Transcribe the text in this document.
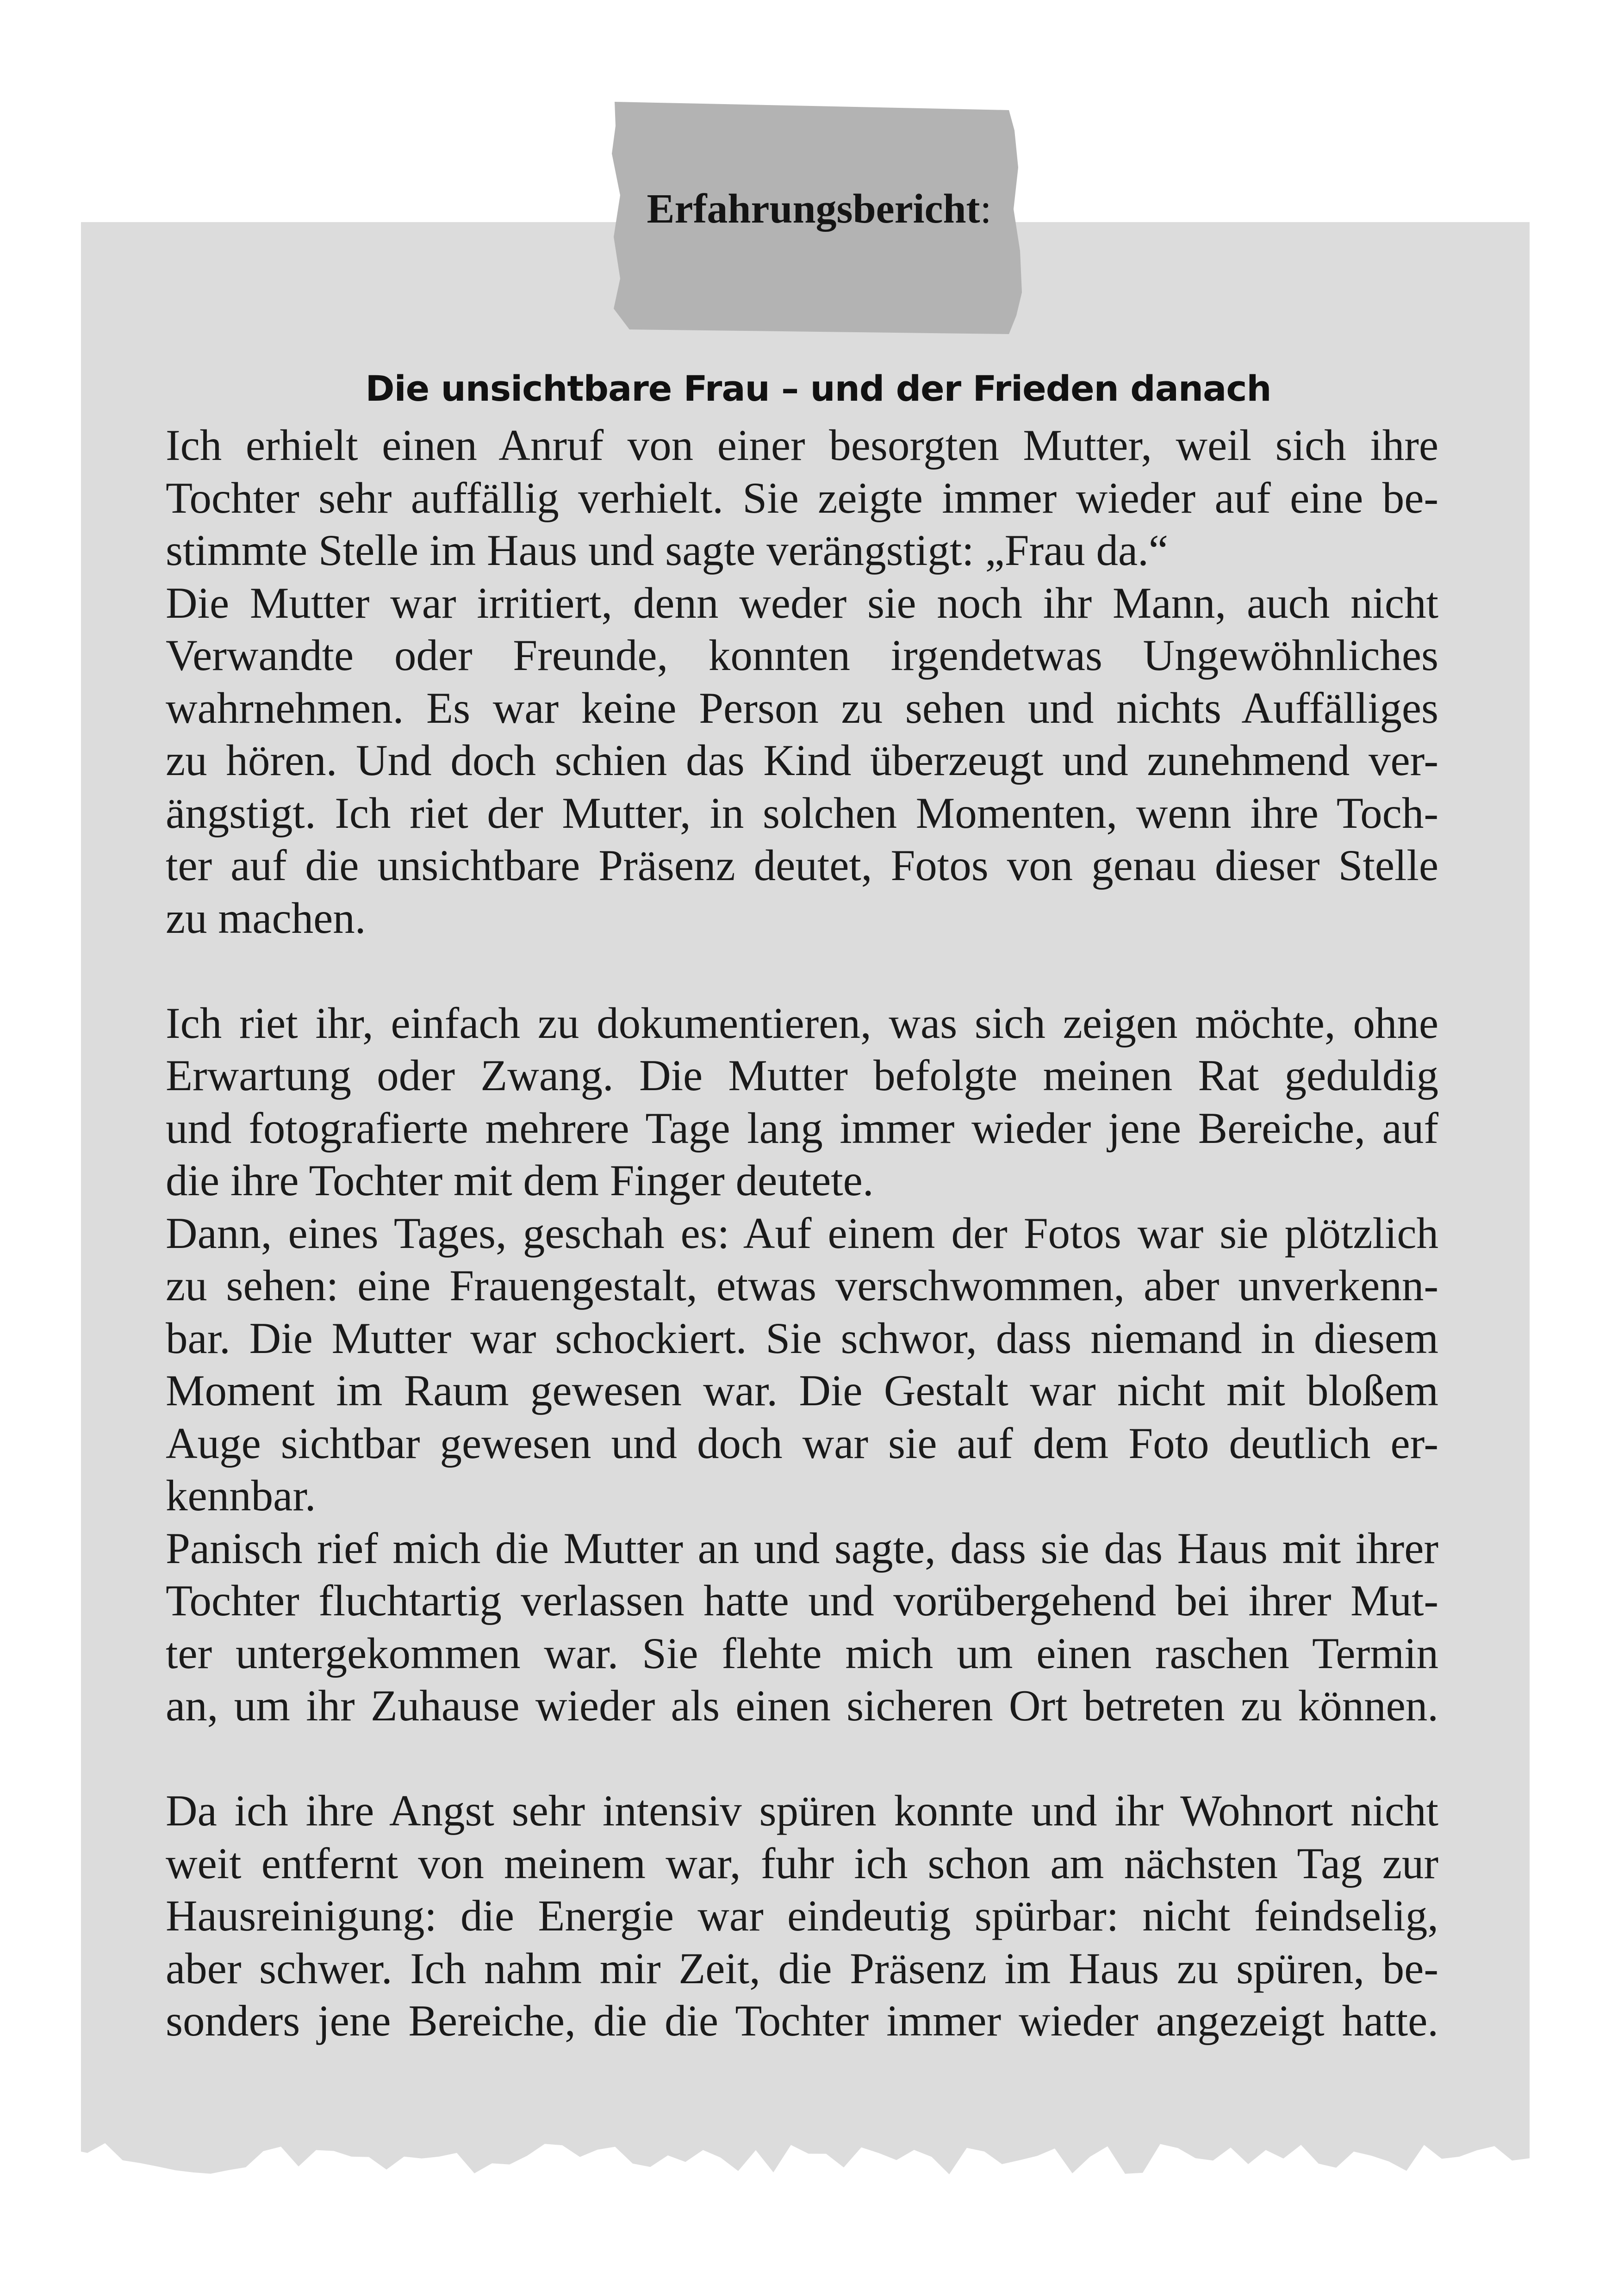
Erfahrungsbericht:
Die unsichtbare Frau – und der Frieden danach
Ich erhielt einen Anruf von einer besorgten Mutter, weil sich ihre
Tochter sehr auffällig verhielt. Sie zeigte immer wieder auf eine be-
stimmte Stelle im Haus und sagte verängstigt: „Frau da.“
Die Mutter war irritiert, denn weder sie noch ihr Mann, auch nicht
Verwandte oder Freunde, konnten irgendetwas Ungewöhnliches
wahrnehmen. Es war keine Person zu sehen und nichts Auffälliges
zu hören. Und doch schien das Kind überzeugt und zunehmend ver-
ängstigt. Ich riet der Mutter, in solchen Momenten, wenn ihre Toch-
ter auf die unsichtbare Präsenz deutet, Fotos von genau dieser Stelle
zu machen.
Ich riet ihr, einfach zu dokumentieren, was sich zeigen möchte, ohne
Erwartung oder Zwang. Die Mutter befolgte meinen Rat geduldig
und fotografierte mehrere Tage lang immer wieder jene Bereiche, auf
die ihre Tochter mit dem Finger deutete.
Dann, eines Tages, geschah es: Auf einem der Fotos war sie plötzlich
zu sehen: eine Frauengestalt, etwas verschwommen, aber unverkenn-
bar. Die Mutter war schockiert. Sie schwor, dass niemand in diesem
Moment im Raum gewesen war. Die Gestalt war nicht mit bloßem
Auge sichtbar gewesen und doch war sie auf dem Foto deutlich er-
kennbar.
Panisch rief mich die Mutter an und sagte, dass sie das Haus mit ihrer
Tochter fluchtartig verlassen hatte und vorübergehend bei ihrer Mut-
ter untergekommen war. Sie flehte mich um einen raschen Termin
an, um ihr Zuhause wieder als einen sicheren Ort betreten zu können.
Da ich ihre Angst sehr intensiv spüren konnte und ihr Wohnort nicht
weit entfernt von meinem war, fuhr ich schon am nächsten Tag zur
Hausreinigung: die Energie war eindeutig spürbar: nicht feindselig,
aber schwer. Ich nahm mir Zeit, die Präsenz im Haus zu spüren, be-
sonders jene Bereiche, die die Tochter immer wieder angezeigt hatte.
